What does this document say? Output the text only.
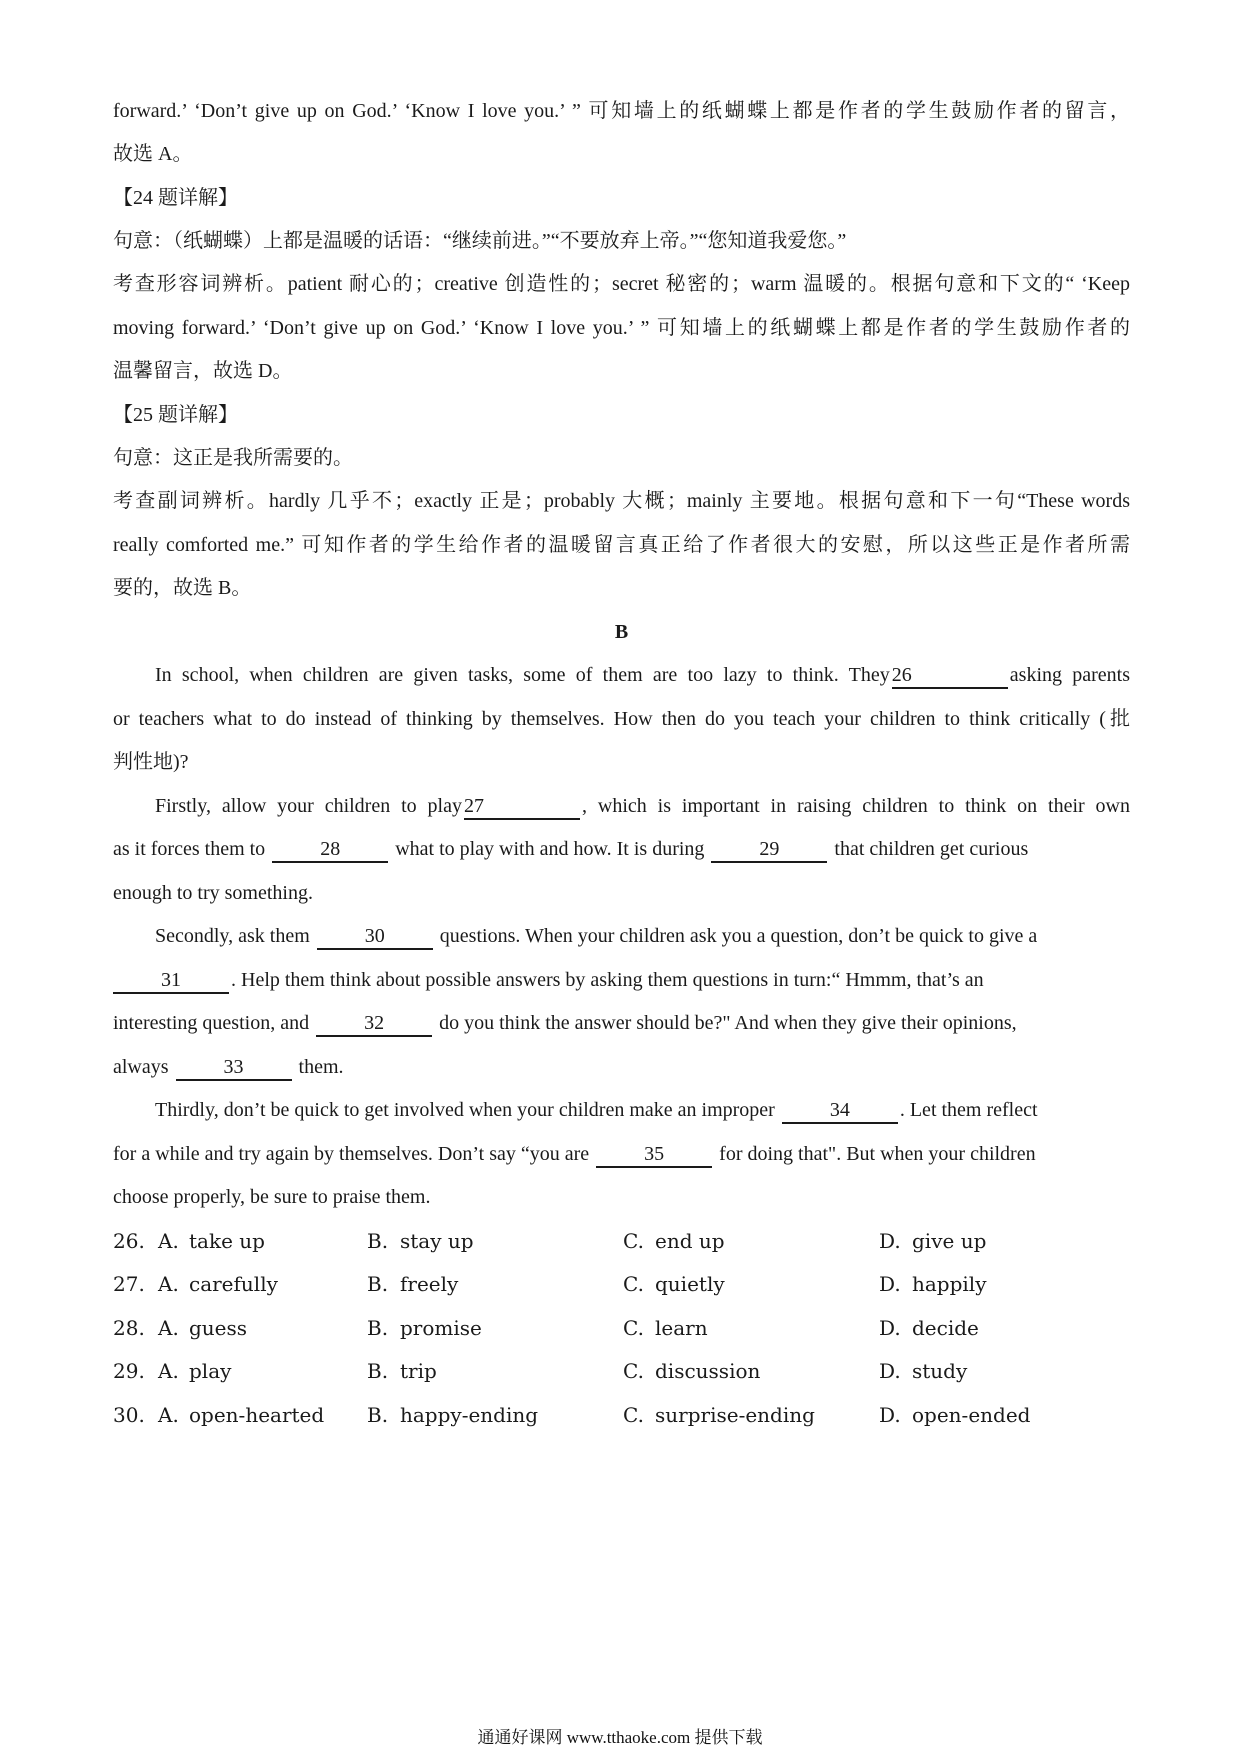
forward.’ ‘Don’t give up on God.’ ‘Know I love you.’ ” 可知墙上的纸蝴蝶上都是作者的学生鼓励作者的留言，
故选 A。
【24 题详解】
句意：（纸蝴蝶）上都是温暖的话语：“继续前进。”“不要放弃上帝。”“您知道我爱您。”
考查形容词辨析。patient 耐心的；creative 创造性的；secret 秘密的；warm 温暖的。根据句意和下文的“ ‘Keep
moving forward.’ ‘Don’t give up on God.’ ‘Know I love you.’ ” 可知墙上的纸蝴蝶上都是作者的学生鼓励作者的
温馨留言，故选 D。
【25 题详解】
句意：这正是我所需要的。
考查副词辨析。hardly 几乎不；exactly 正是；probably 大概；mainly 主要地。根据句意和下一句“These words
really comforted me.” 可知作者的学生给作者的温暖留言真正给了作者很大的安慰，所以这些正是作者所需
要的，故选 B。
B
In school, when children are given tasks, some of them are too lazy to think. They 26	asking parents
or teachers what to do instead of thinking by themselves. How then do you teach your children to think critically (批
判性地)?
Firstly, allow your children to play 27	, which is important in raising children to think on their own
as it forces them to	28	what to play with and how. It is during	29	that children get curious
enough to try something.
Secondly, ask them	30	questions. When your children ask you a question, don’t be quick to give a
31	. Help them think about possible answers by asking them questions in turn:“ Hmmm, that’s an
interesting question, and	32	do you think the answer should be?" And when they give their opinions,
always	33	them.
Thirdly, don’t be quick to get involved when your children make an improper	34	. Let them reflect
for a while and try again by themselves. Don’t say “you are	35	for doing that". But when your children
choose properly, be sure to praise them.
26. A. take up	B. stay up	C. end up	D. give up
27. A. carefully	B. freely	C. quietly	D. happily
28. A. guess	B. promise	C. learn	D. decide
29. A. play	B. trip	C. discussion	D. study
30. A. open-hearted B. happy-ending	C. surprise-ending	D. open-ended
通通好课网 www.tthaoke.com 提供下载
